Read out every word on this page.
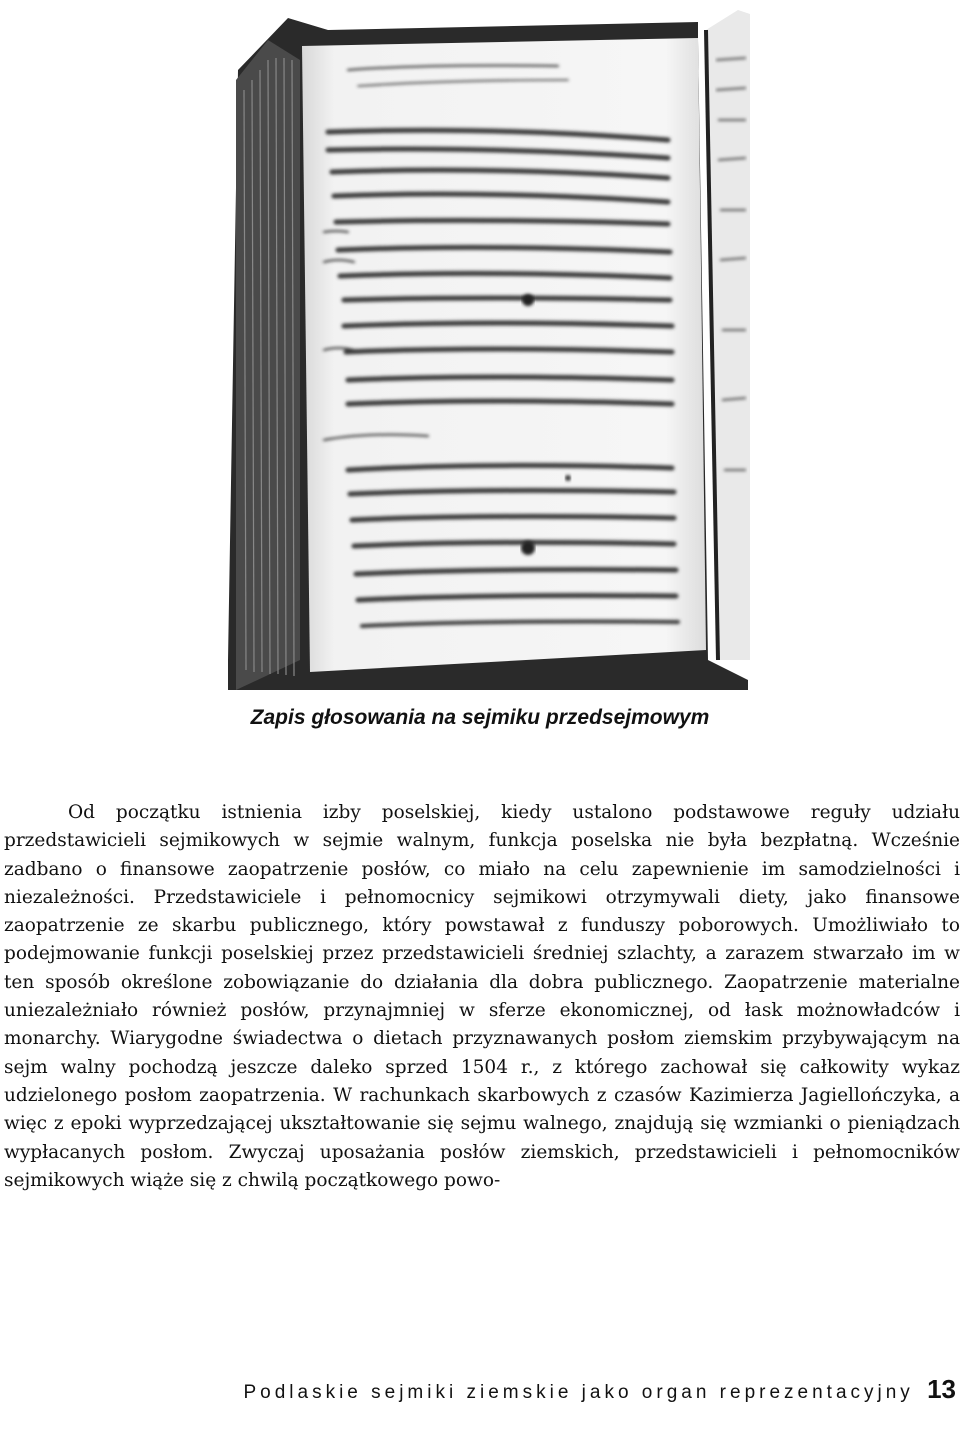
Zapis głosowania na sejmiku przedsejmowym

Od początku istnienia izby poselskiej, kiedy ustalono podstawowe reguły udziału przedstawicieli sejmikowych w sejmie walnym, funkcja poselska nie była bezpłatną. Wcześnie zadbano o finansowe zaopatrzenie posłów, co miało na celu zapewnienie im samodzielności i niezależności. Przedstawiciele i pełnomocnicy sejmikowi otrzymywali diety, jako finansowe zaopatrzenie ze skarbu publicznego, który powstawał z funduszy poborowych. Umożliwiało to podejmowanie funkcji poselskiej przez przedstawicieli średniej szlachty, a zarazem stwarzało im w ten sposób określone zobowiązanie do działania dla dobra publicznego. Zaopatrzenie materialne uniezależniało również posłów, przynajmniej w sferze ekonomicznej, od łask możnowładców i monarchy. Wiarygodne świadectwa o dietach przyznawanych posłom ziemskim przybywającym na sejm walny pochodzą jeszcze daleko sprzed 1504 r., z którego zachował się całkowity wykaz udzielonego posłom zaopatrzenia. W rachunkach skarbowych z czasów Kazimierza Jagiellończyka, a więc z epoki wyprzedzającej ukształtowanie się sejmu walnego, znajdują się wzmianki o pieniądzach wypłacanych posłom. Zwyczaj uposażania posłów ziemskich, przedstawicieli i pełnomocników sejmikowych wiąże się z chwilą początkowego powo-

Podlaskie sejmiki ziemskie jako organ reprezentacyjny 13
